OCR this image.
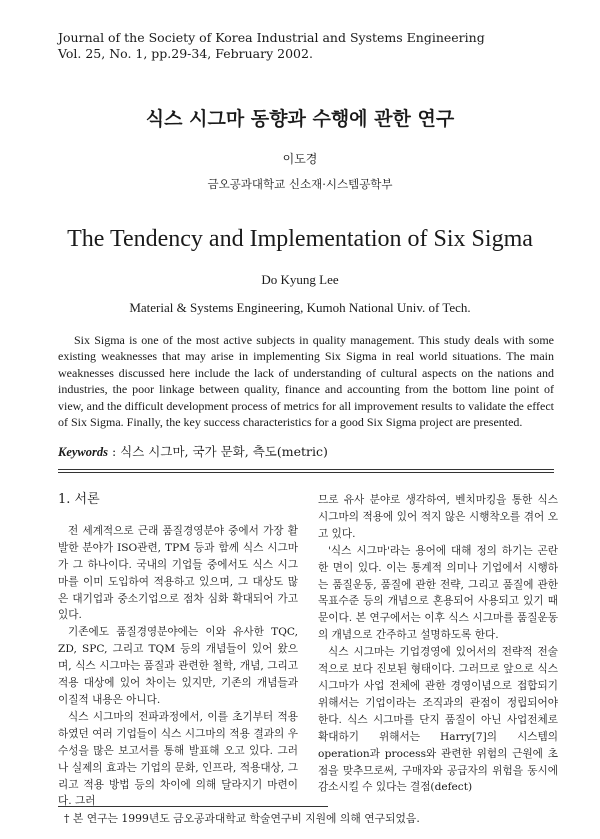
Journal of the Society of Korea Industrial and Systems Engineering
Vol. 25, No. 1, pp.29-34, February 2002.
식스 시그마 동향과 수행에 관한 연구
이도경
금오공과대학교 신소재·시스템공학부
The Tendency and Implementation of Six Sigma
Do Kyung Lee
Material & Systems Engineering, Kumoh National Univ. of Tech.
Six Sigma is one of the most active subjects in quality management. This study deals with some existing weaknesses that may arise in implementing Six Sigma in real world situations. The main weaknesses discussed here include the lack of understanding of cultural aspects on the nations and industries, the poor linkage between quality, finance and accounting from the bottom line point of view, and the difficult development process of metrics for all improvement results to validate the effect of Six Sigma. Finally, the key success characteristics for a good Six Sigma project are presented.
Keywords : 식스 시그마, 국가 문화, 측도(metric)

1. 서론

전 세계적으로 근래 품질경영분야 중에서 가장 활발한 분야가 ISO관련, TPM 등과 함께 식스 시그마가 그 하나이다. 국내의 기업들 중에서도 식스 시그마를 이미 도입하여 적용하고 있으며, 그 대상도 많은 대기업과 중소기업으로 점차 심화 확대되어 가고 있다.

기존에도 품질경영분야에는 이와 유사한 TQC, ZD, SPC, 그리고 TQM 등의 개념들이 있어 왔으며, 식스 시그마는 품질과 관련한 철학, 개념, 그리고 적용 대상에 있어 차이는 있지만, 기존의 개념들과 이질적 내용은 아니다.

식스 시그마의 전파과정에서, 이를 초기부터 적용하였던 여러 기업들이 식스 시그마의 적용 결과의 우수성을 많은 보고서를 통해 발표해 오고 있다. 그러나 실제의 효과는 기업의 문화, 인프라, 적용대상, 그리고 적용 방법 등의 차이에 의해 달라지기 마련이다. 그러

므로 유사 분야로 생각하여, 벤치마킹을 통한 식스 시그마의 적용에 있어 적지 않은 시행착오를 겪어 오고 있다.

'식스 시그마'라는 용어에 대해 정의 하기는 곤란한 면이 있다. 이는 통계적 의미나 기업에서 시행하는 품질운동, 품질에 관한 전략, 그리고 품질에 관한 목표수준 등의 개념으로 혼용되어 사용되고 있기 때문이다. 본 연구에서는 이후 식스 시그마를 품질운동의 개념으로 간주하고 설명하도록 한다.

식스 시그마는 기업경영에 있어서의 전략적 전술적으로 보다 진보된 형태이다. 그러므로 앞으로 식스 시그마가 사업 전체에 관한 경영이념으로 접합되기 위해서는 기업이라는 조직과의 관점이 정립되어야 한다. 식스 시그마를 단지 품질이 아닌 사업전체로 확대하기 위해서는 Harry[7]의 시스템의 operation과 process와 관련한 위험의 근원에 초점을 맞추므로써, 구매자와 공급자의 위험을 동시에 감소시킬 수 있다는 결점(defect)

† 본 연구는 1999년도 금오공과대학교 학술연구비 지원에 의해 연구되었음.
